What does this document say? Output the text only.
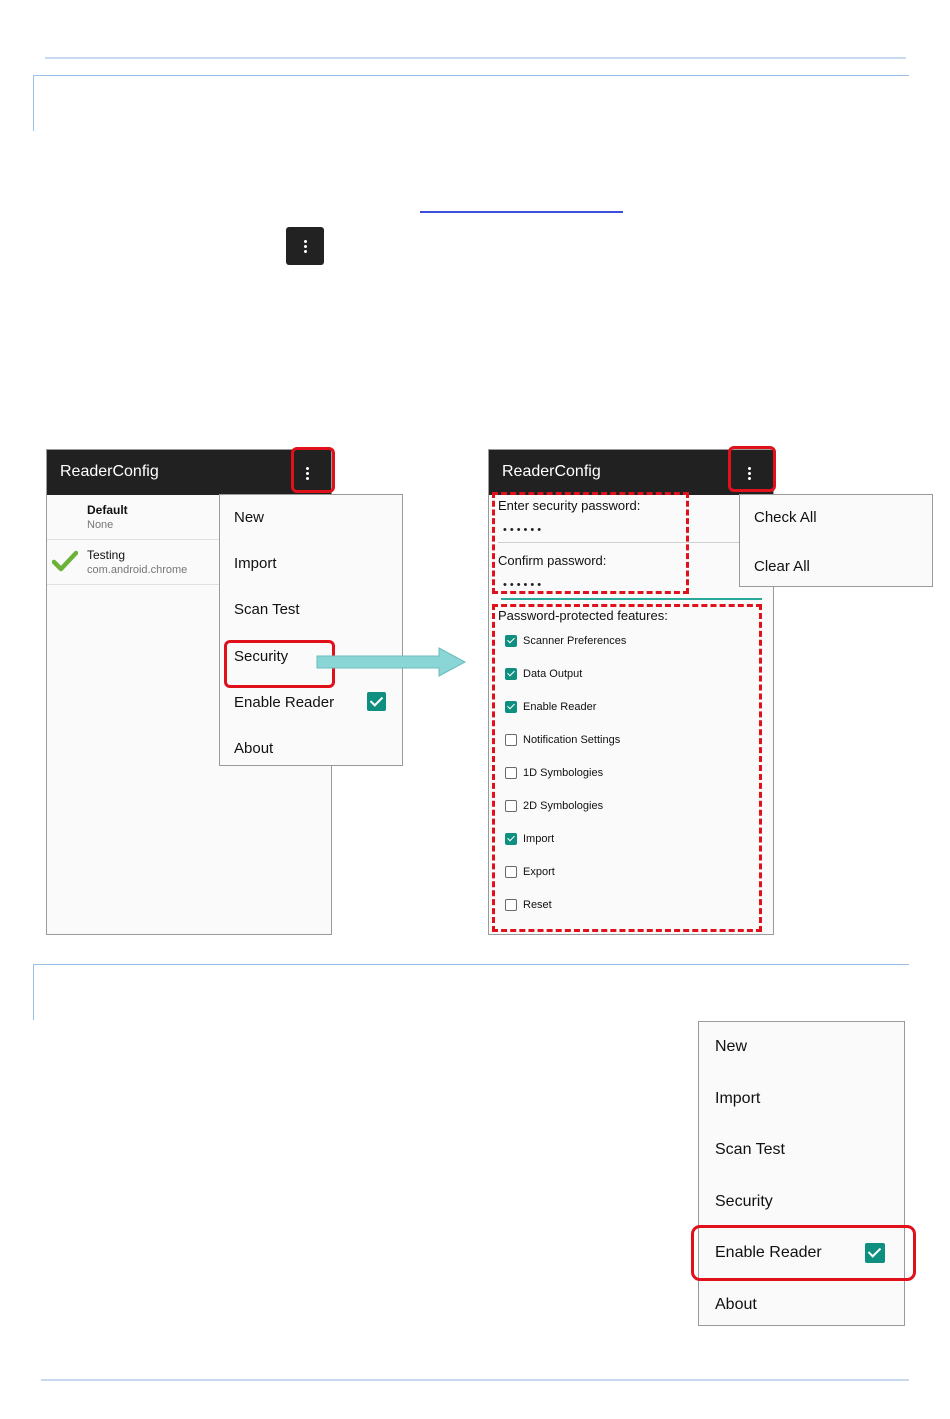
ReaderConfig
Default
None
Testing
com.android.chrome
New
Import
Scan Test
Security
Enable Reader
About
ReaderConfig
Enter security password:
••••••
Confirm password:
••••••
Password-protected features:
Scanner Preferences
Data Output
Enable Reader
Notification Settings
1D Symbologies
2D Symbologies
Import
Export
Reset
Check All
Clear All
New
Import
Scan Test
Security
Enable Reader
About
